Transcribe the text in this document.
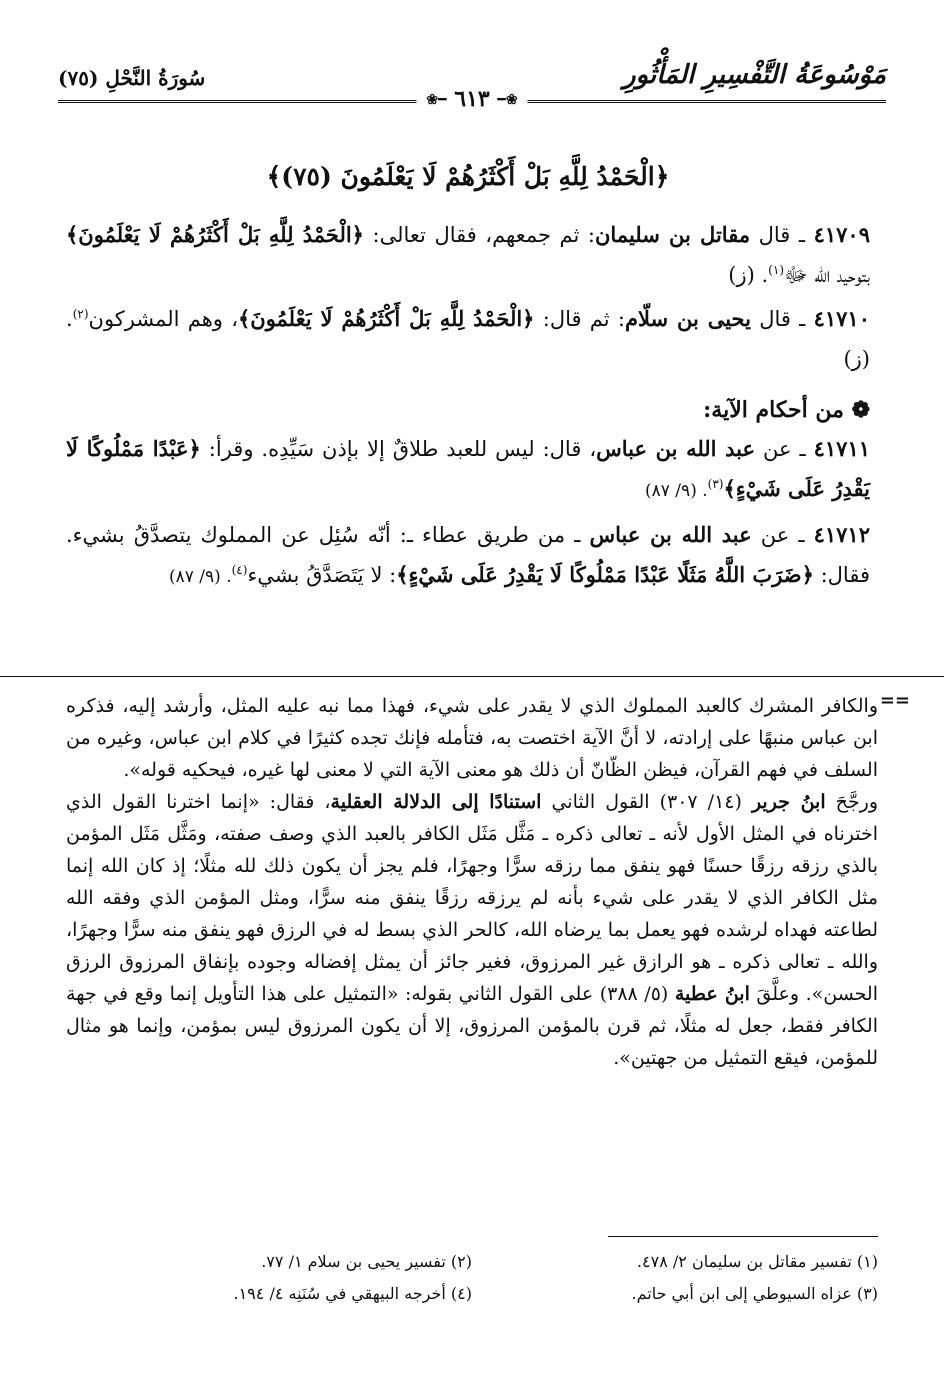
مَوْسُوعَةُ التَّفْسِيرِ المَأْثُورِ
سُورَةُ النَّحْلِ (٧٥)
❀━ ٦١٣ ━❀
﴿الْحَمْدُ لِلَّهِ بَلْ أَكْثَرُهُمْ لَا يَعْلَمُونَ (٧٥)﴾
٤١٧٠٩ ـ قال مقاتل بن سليمان: ثم جمعهم، فقال تعالى: ﴿الْحَمْدُ لِلَّهِ بَلْ أَكْثَرُهُمْ لَا يَعْلَمُونَ﴾ بتوحيد الله ﷻ$^{(١)}$. (ز)
٤١٧١٠ ـ قال يحيى بن سلّام: ثم قال: ﴿الْحَمْدُ لِلَّهِ بَلْ أَكْثَرُهُمْ لَا يَعْلَمُونَ﴾، وهم المشركون$^{(٢)}$. (ز)
❁ من أحكام الآية:
٤١٧١١ ـ عن عبد الله بن عباس، قال: ليس للعبد طلاقٌ إلا بإذن سَيِّدِه. وقرأ: ﴿عَبْدًا مَمْلُوكًا لَا يَقْدِرُ عَلَى شَيْءٍ﴾$^{(٣)}$. (٩/ ٨٧)
٤١٧١٢ ـ عن عبد الله بن عباس ـ من طريق عطاء ـ: أنّه سُئِل عن المملوك يتصدَّقُ بشيء. فقال: ﴿ضَرَبَ اللَّهُ مَثَلًا عَبْدًا مَمْلُوكًا لَا يَقْدِرُ عَلَى شَيْءٍ﴾: لا يَتَصَدَّقُ بشيء$^{(٤)}$. (٩/ ٨٧)
==

والكافر المشرك كالعبد المملوك الذي لا يقدر على شيء، فهذا مما نبه عليه المثل، وأرشد إليه، فذكره ابن عباس منبهًا على إرادته، لا أنَّ الآية اختصت به، فتأمله فإنك تجده كثيرًا في كلام ابن عباس، وغيره من السلف في فهم القرآن، فيظن الظّانّ أن ذلك هو معنى الآية التي لا معنى لها غيره، فيحكيه قوله».

ورجَّحَ ابنُ جرير (١٤/ ٣٠٧) القول الثاني استنادًا إلى الدلالة العقلية، فقال: «إنما اخترنا القول الذي اخترناه في المثل الأول لأنه ـ تعالى ذكره ـ مَثَّل مَثَل الكافر بالعبد الذي وصف صفته، ومَثَّل مَثَل المؤمن بالذي رزقه رزقًا حسنًا فهو ينفق مما رزقه سرًّا وجهرًا، فلم يجز أن يكون ذلك لله مثلًا؛ إذ كان الله إنما مثل الكافر الذي لا يقدر على شيء بأنه لم يرزقه رزقًا ينفق منه سرًّا، ومثل المؤمن الذي وفقه الله لطاعته فهداه لرشده فهو يعمل بما يرضاه الله، كالحر الذي بسط له في الرزق فهو ينفق منه سرًّا وجهرًا، والله ـ تعالى ذكره ـ هو الرازق غير المرزوق، فغير جائز أن يمثل إفضاله وجوده بإنفاق المرزوق الرزق الحسن». وعلَّقَ ابنُ عطية (٥/ ٣٨٨) على القول الثاني بقوله: «التمثيل على هذا التأويل إنما وقع في جهة الكافر فقط، جعل له مثلًا، ثم قرن بالمؤمن المرزوق، إلا أن يكون المرزوق ليس بمؤمن، وإنما هو مثال للمؤمن، فيقع التمثيل من جهتين».

(١) تفسير مقاتل بن سليمان ٢/ ٤٧٨.
(٢) تفسير يحيى بن سلام ١/ ٧٧.
(٣) عزاه السيوطي إلى ابن أبي حاتم.
(٤) أخرجه البيهقي في سُنَنِه ٤/ ١٩٤.
